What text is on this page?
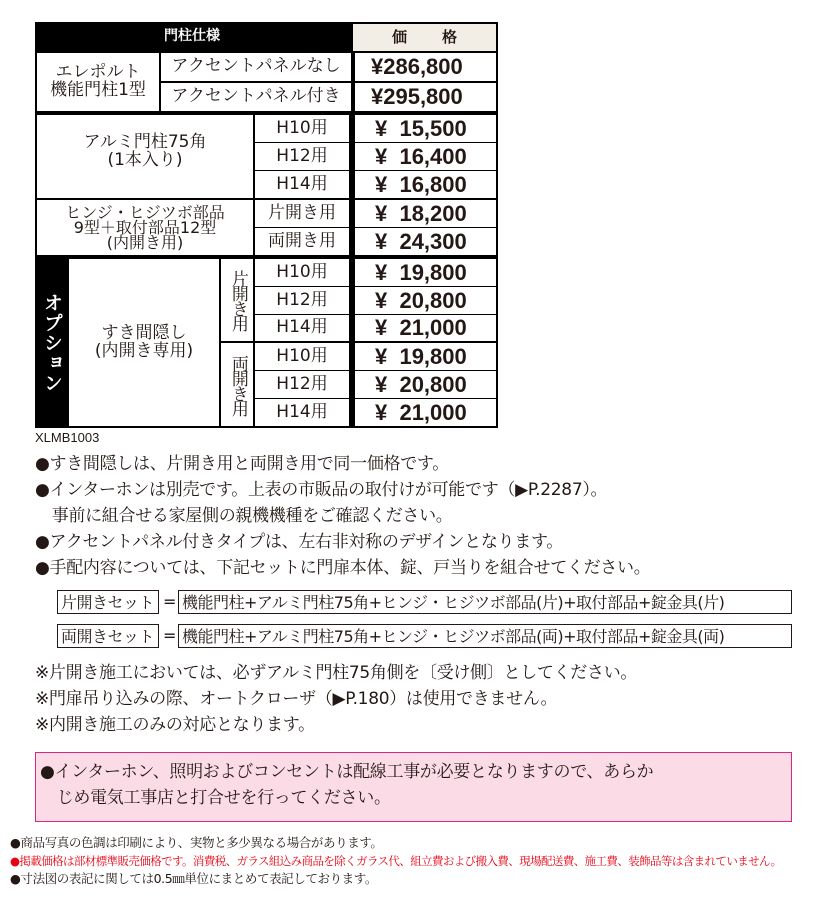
門柱仕様	価　格
エレポルト
機能門柱1型
アクセントパネルなし	¥286,800
アクセントパネル付き	¥295,800
アルミ門柱75角
(1本入り)
H10用	¥  15,500
H12用	¥  16,400
H14用	¥  16,800
ヒンジ・ヒジツボ部品
9型＋取付部品12型
(内開き用)
片開き用	¥  18,200
両開き用	¥  24,300
オプション すき間隠し
(内開き専用)
片開き用	H10用	¥  19,800
H12用	¥  20,800
H14用	¥  21,000
両開き用	H10用	¥  19,800
H12用	¥  20,800
H14用	¥  21,000
XLMB1003
●すき間隠しは、片開き用と両開き用で同一価格です。
●インターホンは別売です。上表の市販品の取付けが可能です（▶P.2287）。
　事前に組合せる家屋側の親機機種をご確認ください。
●アクセントパネル付きタイプは、左右非対称のデザインとなります。
●手配内容については、下記セットに門扉本体、錠、戸当りを組合せてください。
片開きセット = 機能門柱+アルミ門柱75角+ヒンジ・ヒジツボ部品(片)+取付部品+錠金具(片)
両開きセット = 機能門柱+アルミ門柱75角+ヒンジ・ヒジツボ部品(両)+取付部品+錠金具(両)
※片開き施工においては、必ずアルミ門柱75角側を〔受け側〕としてください。
※門扉吊り込みの際、オートクローザ（▶P.180）は使用できません。
※内開き施工のみの対応となります。
●インターホン、照明およびコンセントは配線工事が必要となりますので、あらか
　じめ電気工事店と打合せを行ってください。
●商品写真の色調は印刷により、実物と多少異なる場合があります。
●掲載価格は部材標準販売価格です。消費税、ガラス組込み商品を除くガラス代、組立費および搬入費、現場配送費、施工費、装飾品等は含まれていません。
●寸法図の表記に関しては0.5㎜単位にまとめて表記しております。
